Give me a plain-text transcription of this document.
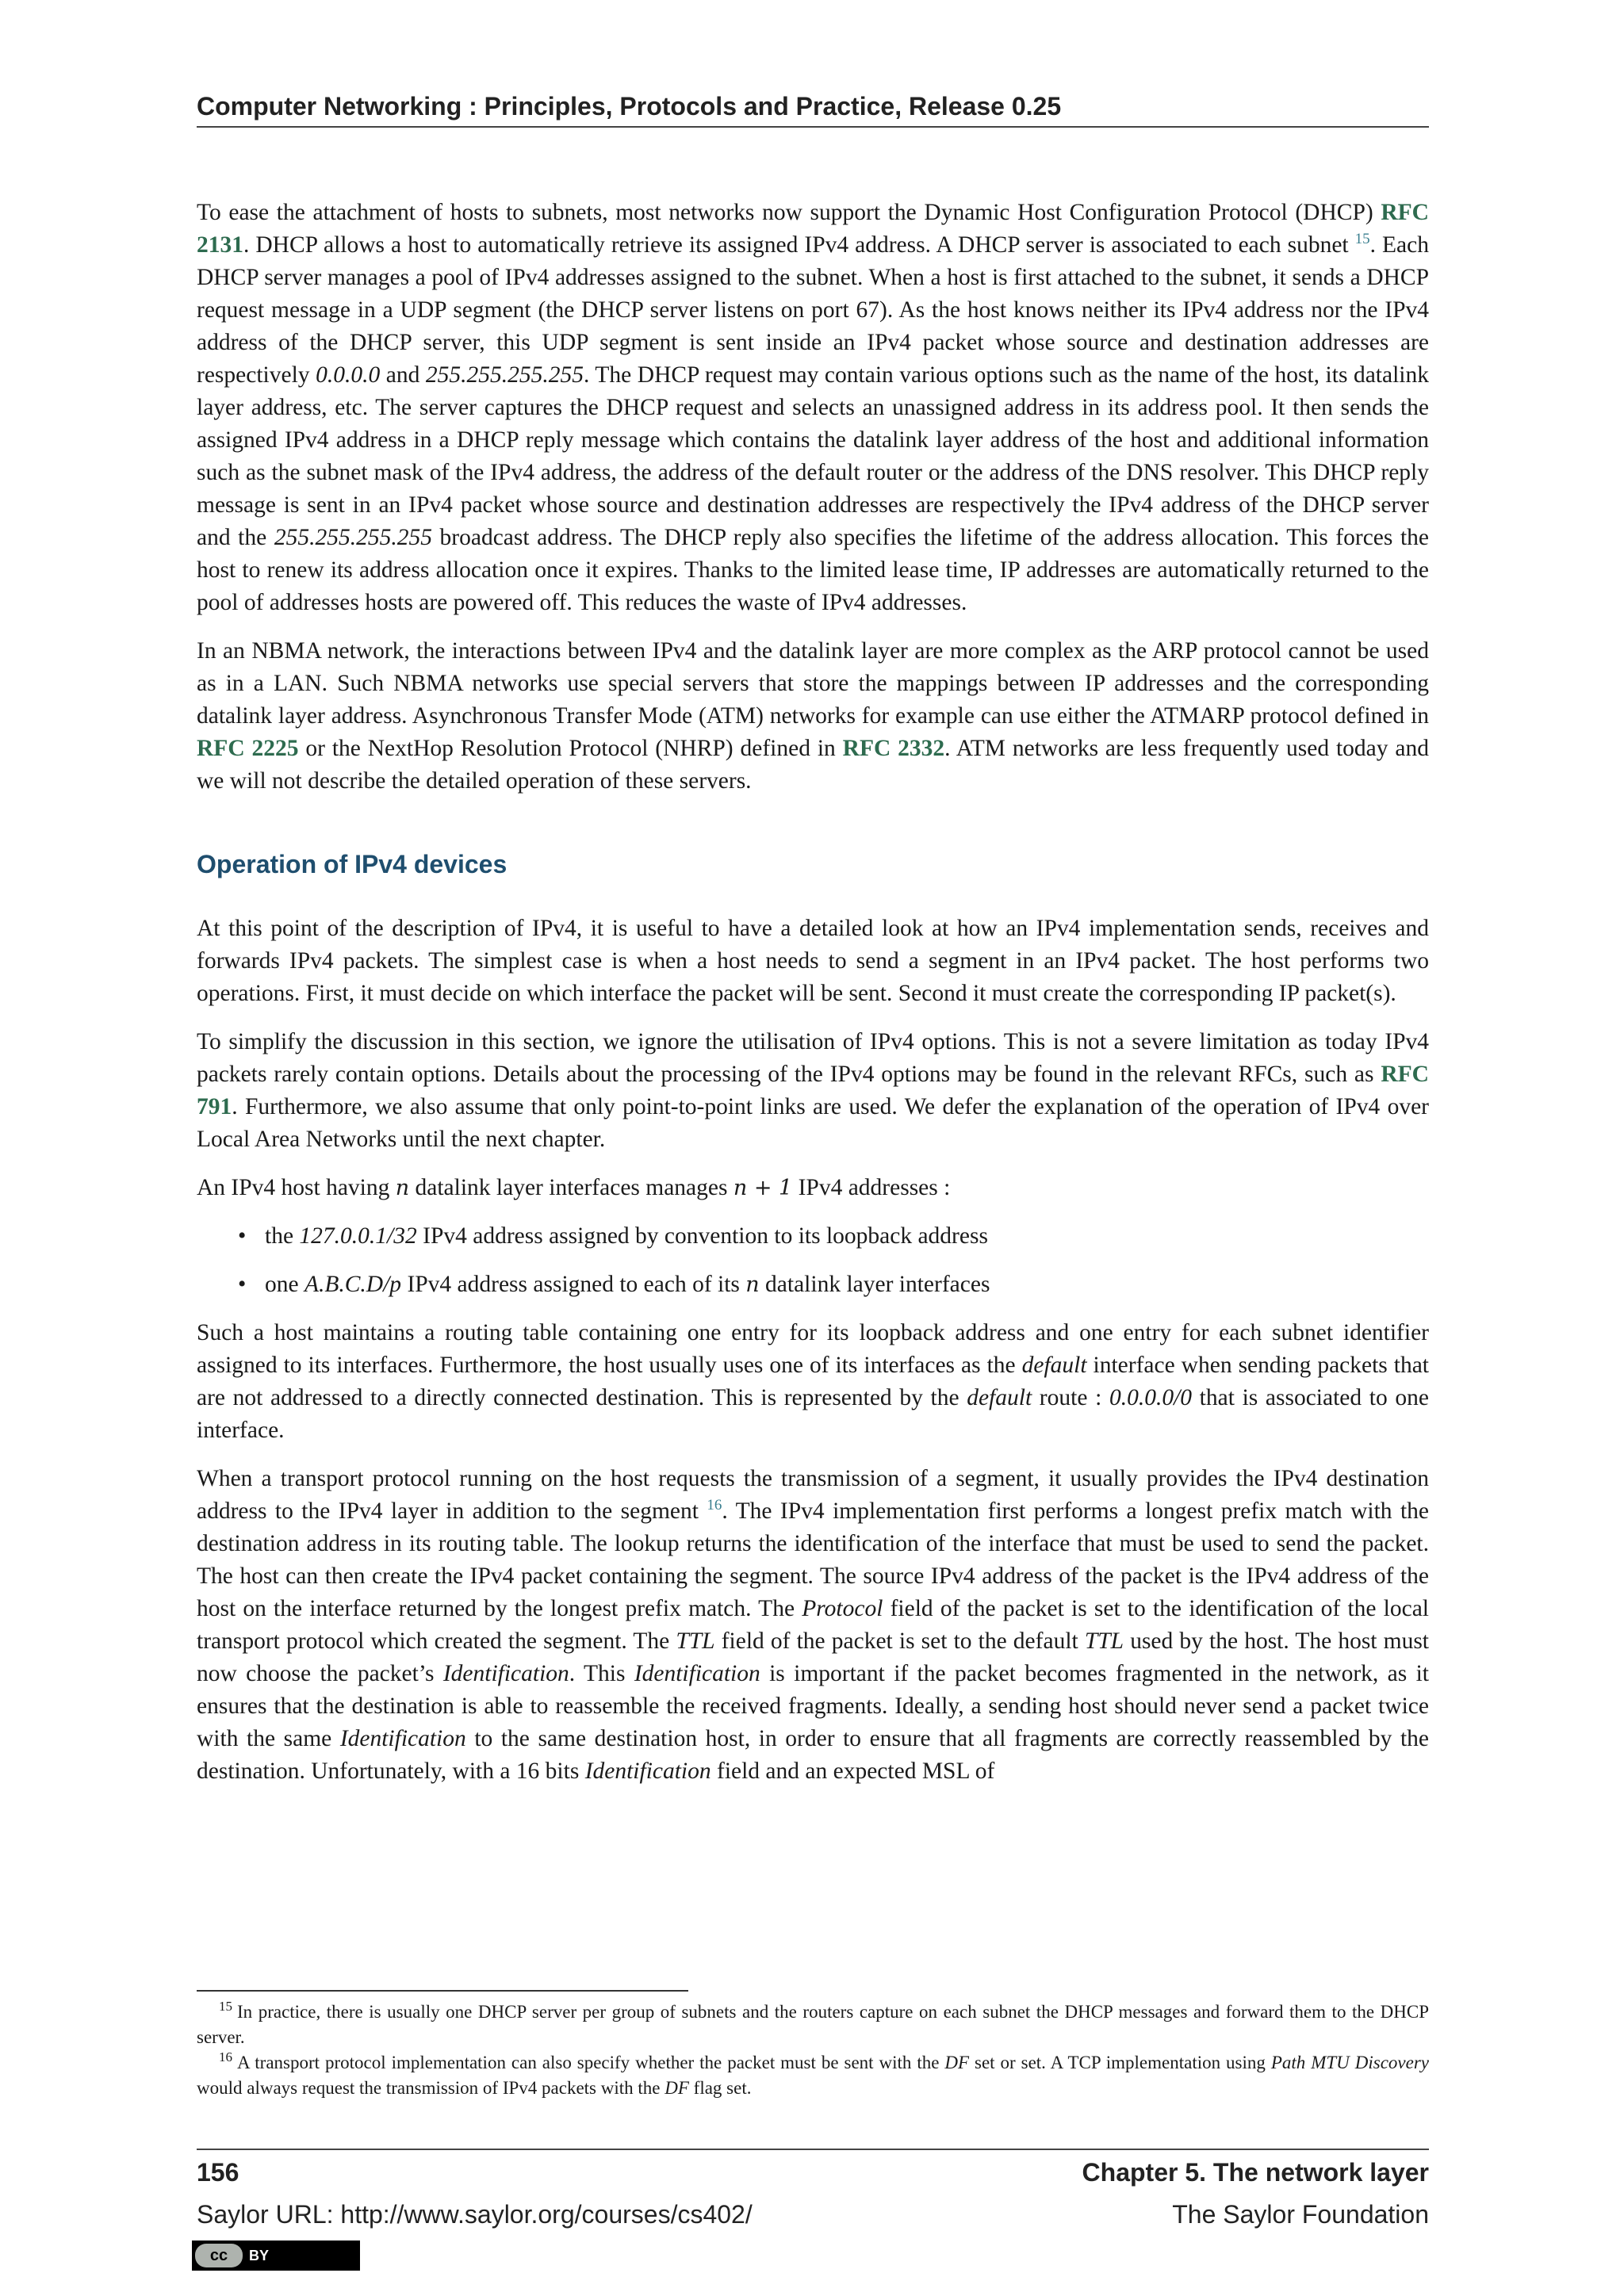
Computer Networking : Principles, Protocols and Practice, Release 0.25

To ease the attachment of hosts to subnets, most networks now support the Dynamic Host Configuration Protocol (DHCP) RFC 2131. DHCP allows a host to automatically retrieve its assigned IPv4 address. A DHCP server is associated to each subnet $^{15}$. Each DHCP server manages a pool of IPv4 addresses assigned to the subnet. When a host is first attached to the subnet, it sends a DHCP request message in a UDP segment (the DHCP server listens on port 67). As the host knows neither its IPv4 address nor the IPv4 address of the DHCP server, this UDP segment is sent inside an IPv4 packet whose source and destination addresses are respectively 0.0.0.0 and 255.255.255.255. The DHCP request may contain various options such as the name of the host, its datalink layer address, etc. The server captures the DHCP request and selects an unassigned address in its address pool. It then sends the assigned IPv4 address in a DHCP reply message which contains the datalink layer address of the host and additional information such as the subnet mask of the IPv4 address, the address of the default router or the address of the DNS resolver. This DHCP reply message is sent in an IPv4 packet whose source and destination addresses are respectively the IPv4 address of the DHCP server and the 255.255.255.255 broadcast address. The DHCP reply also specifies the lifetime of the address allocation. This forces the host to renew its address allocation once it expires. Thanks to the limited lease time, IP addresses are automatically returned to the pool of addresses hosts are powered off. This reduces the waste of IPv4 addresses.

In an NBMA network, the interactions between IPv4 and the datalink layer are more complex as the ARP protocol cannot be used as in a LAN. Such NBMA networks use special servers that store the mappings between IP addresses and the corresponding datalink layer address. Asynchronous Transfer Mode (ATM) networks for example can use either the ATMARP protocol defined in RFC 2225 or the NextHop Resolution Protocol (NHRP) defined in RFC 2332. ATM networks are less frequently used today and we will not describe the detailed operation of these servers.

Operation of IPv4 devices

At this point of the description of IPv4, it is useful to have a detailed look at how an IPv4 implementation sends, receives and forwards IPv4 packets. The simplest case is when a host needs to send a segment in an IPv4 packet. The host performs two operations. First, it must decide on which interface the packet will be sent. Second it must create the corresponding IP packet(s).

To simplify the discussion in this section, we ignore the utilisation of IPv4 options. This is not a severe limitation as today IPv4 packets rarely contain options. Details about the processing of the IPv4 options may be found in the relevant RFCs, such as RFC 791. Furthermore, we also assume that only point-to-point links are used. We defer the explanation of the operation of IPv4 over Local Area Networks until the next chapter.

An IPv4 host having n datalink layer interfaces manages n + 1 IPv4 addresses :

• the 127.0.0.1/32 IPv4 address assigned by convention to its loopback address
• one A.B.C.D/p IPv4 address assigned to each of its n datalink layer interfaces

Such a host maintains a routing table containing one entry for its loopback address and one entry for each subnet identifier assigned to its interfaces. Furthermore, the host usually uses one of its interfaces as the default interface when sending packets that are not addressed to a directly connected destination. This is represented by the default route : 0.0.0.0/0 that is associated to one interface.

When a transport protocol running on the host requests the transmission of a segment, it usually provides the IPv4 destination address to the IPv4 layer in addition to the segment $^{16}$. The IPv4 implementation first performs a longest prefix match with the destination address in its routing table. The lookup returns the identification of the interface that must be used to send the packet. The host can then create the IPv4 packet containing the segment. The source IPv4 address of the packet is the IPv4 address of the host on the interface returned by the longest prefix match. The Protocol field of the packet is set to the identification of the local transport protocol which created the segment. The TTL field of the packet is set to the default TTL used by the host. The host must now choose the packet’s Identification. This Identification is important if the packet becomes fragmented in the network, as it ensures that the destination is able to reassemble the received fragments. Ideally, a sending host should never send a packet twice with the same Identification to the same destination host, in order to ensure that all fragments are correctly reassembled by the destination. Unfortunately, with a 16 bits Identification field and an expected MSL of

$^{15}$ In practice, there is usually one DHCP server per group of subnets and the routers capture on each subnet the DHCP messages and forward them to the DHCP server.

$^{16}$ A transport protocol implementation can also specify whether the packet must be sent with the DF set or set. A TCP implementation using Path MTU Discovery would always request the transmission of IPv4 packets with the DF flag set.

156	Chapter 5. The network layer
Saylor URL: http://www.saylor.org/courses/cs402/	The Saylor Foundation
cc	BY
